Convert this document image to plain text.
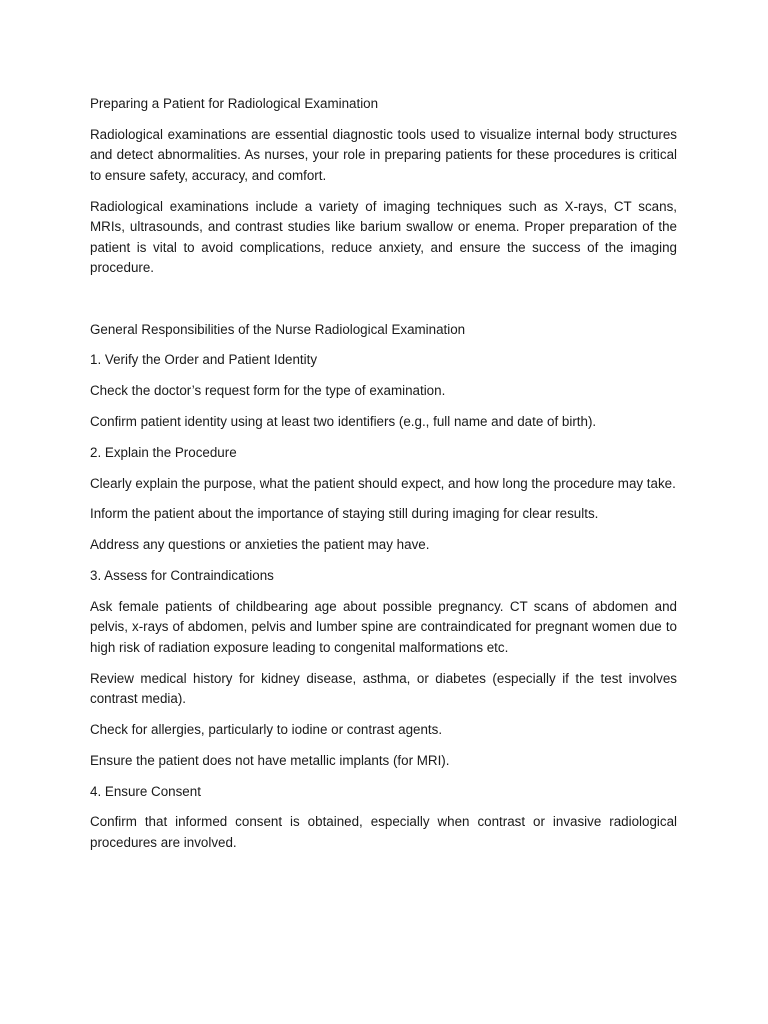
Preparing a Patient for Radiological Examination

Radiological examinations are essential diagnostic tools used to visualize internal body structures and detect abnormalities. As nurses, your role in preparing patients for these procedures is critical to ensure safety, accuracy, and comfort.

Radiological examinations include a variety of imaging techniques such as X-rays, CT scans, MRIs, ultrasounds, and contrast studies like barium swallow or enema. Proper preparation of the patient is vital to avoid complications, reduce anxiety, and ensure the success of the imaging procedure.

General Responsibilities of the Nurse Radiological Examination

1. Verify the Order and Patient Identity

Check the doctor’s request form for the type of examination.

Confirm patient identity using at least two identifiers (e.g., full name and date of birth).

2. Explain the Procedure

Clearly explain the purpose, what the patient should expect, and how long the procedure may take.

Inform the patient about the importance of staying still during imaging for clear results.

Address any questions or anxieties the patient may have.

3. Assess for Contraindications

Ask female patients of childbearing age about possible pregnancy. CT scans of abdomen and pelvis, x-rays of abdomen, pelvis and lumber spine are contraindicated for pregnant women due to high risk of radiation exposure leading to congenital malformations etc.

Review medical history for kidney disease, asthma, or diabetes (especially if the test involves contrast media).

Check for allergies, particularly to iodine or contrast agents.

Ensure the patient does not have metallic implants (for MRI).

4. Ensure Consent

Confirm that informed consent is obtained, especially when contrast or invasive radiological procedures are involved.
